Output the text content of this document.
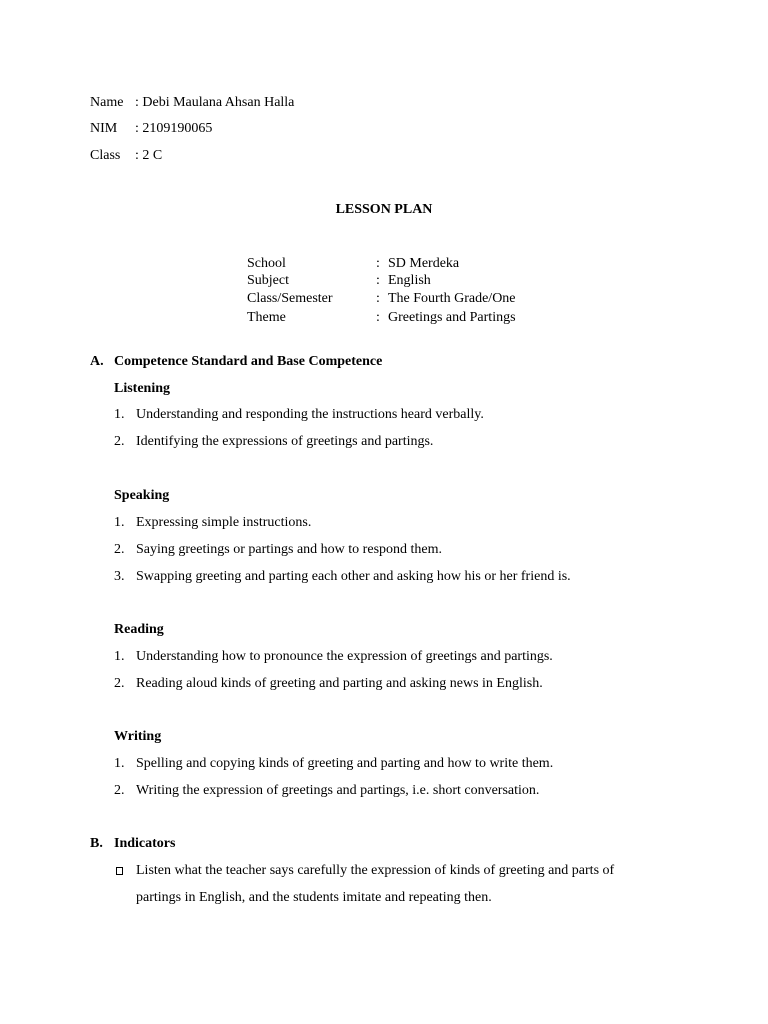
Name : Debi Maulana Ahsan Halla
NIM : 2109190065
Class : 2 C
LESSON PLAN
School	: SD Merdeka
Subject	: English
Class/Semester	: The Fourth Grade/One
Theme	: Greetings and Partings
A. Competence Standard and Base Competence
Listening
1. Understanding and responding the instructions heard verbally.
2. Identifying the expressions of greetings and partings.
Speaking
1. Expressing simple instructions.
2. Saying greetings or partings and how to respond them.
3. Swapping greeting and parting each other and asking how his or her friend is.
Reading
1. Understanding how to pronounce the expression of greetings and partings.
2. Reading aloud kinds of greeting and parting and asking news in English.
Writing
1. Spelling and copying kinds of greeting and parting and how to write them.
2. Writing the expression of greetings and partings, i.e. short conversation.
B. Indicators
Listen what the teacher says carefully the expression of kinds of greeting and parts of
partings in English, and the students imitate and repeating then.
